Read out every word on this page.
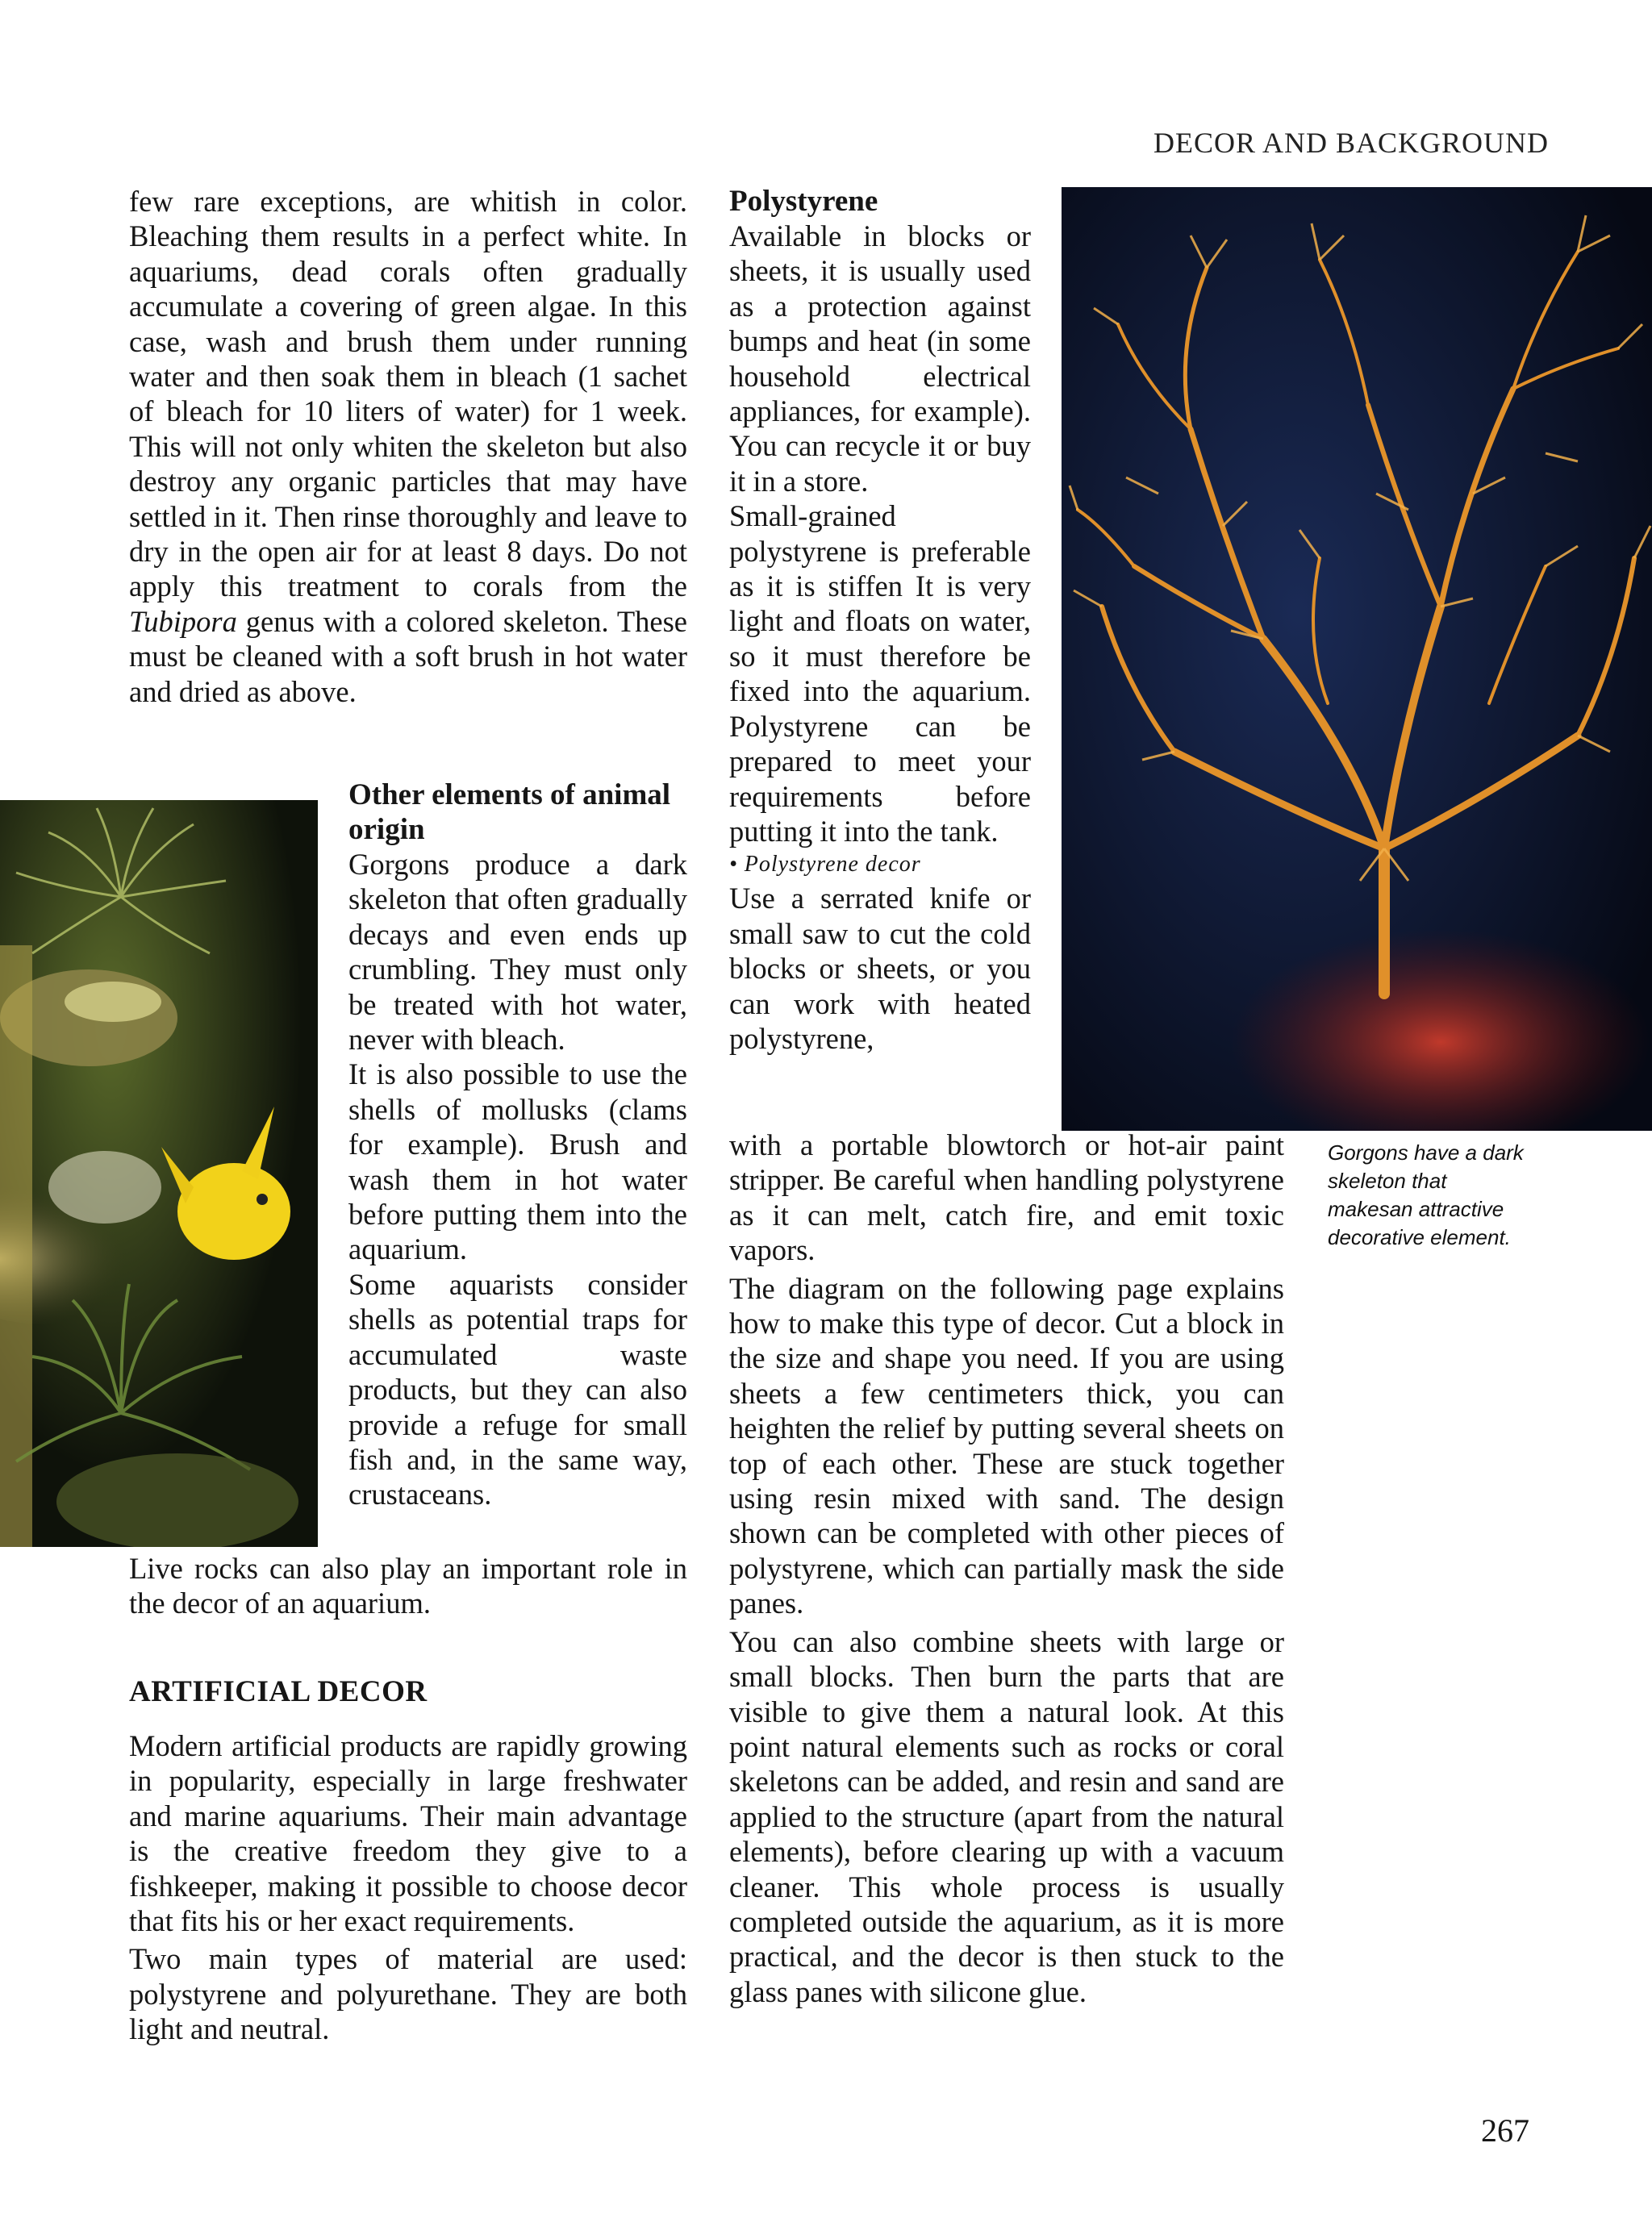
DECOR AND BACKGROUND

few rare exceptions, are whitish in color. Bleaching them results in a perfect white. In aquariums, dead corals often gradually accumulate a covering of green algae. In this case, wash and brush them under running water and then soak them in bleach (1 sachet of bleach for 10 liters of water) for 1 week. This will not only whiten the skeleton but also destroy any organic particles that may have settled in it. Then rinse thoroughly and leave to dry in the open air for at least 8 days. Do not apply this treatment to corals from the Tubipora genus with a colored skeleton. These must be cleaned with a soft brush in hot water and dried as above.

Other elements of animal origin

Gorgons produce a dark skeleton that often gradually decays and even ends up crumbling. They must only be treated with hot water, never with bleach.

It is also possible to use the shells of mollusks (clams for example). Brush and wash them in hot water before putting them into the aquarium.

Some aquarists consider shells as potential traps for accumulated waste products, but they can also provide a refuge for small fish and, in the same way, crustaceans.

Live rocks can also play an important role in the decor of an aquarium.

ARTIFICIAL DECOR

Modern artificial products are rapidly growing in popularity, especially in large freshwater and marine aquariums. Their main advantage is the creative freedom they give to a fishkeeper, making it possible to choose decor that fits his or her exact requirements.

Two main types of material are used: polystyrene and polyurethane. They are both light and neutral.

Polystyrene

Available in blocks or sheets, it is usually used as a protection against bumps and heat (in some household electrical appliances, for example). You can recycle it or buy it in a store.

Small-grained polystyrene is preferable as it is stiffen It is very light and floats on water, so it must therefore be fixed into the aquarium. Polystyrene can be prepared to meet your requirements before putting it into the tank.

• Polystyrene decor

Use a serrated knife or small saw to cut the cold blocks or sheets, or you can work with heated polystyrene,

with a portable blowtorch or hot-air paint stripper. Be careful when handling polystyrene as it can melt, catch fire, and emit toxic vapors.

The diagram on the following page explains how to make this type of decor. Cut a block in the size and shape you need. If you are using sheets a few centimeters thick, you can heighten the relief by putting several sheets on top of each other. These are stuck together using resin mixed with sand. The design shown can be completed with other pieces of polystyrene, which can partially mask the side panes.

You can also combine sheets with large or small blocks. Then burn the parts that are visible to give them a natural look. At this point natural elements such as rocks or coral skeletons can be added, and resin and sand are applied to the structure (apart from the natural elements), before clearing up with a vacuum cleaner. This whole process is usually completed outside the aquarium, as it is more practical, and the decor is then stuck to the glass panes with silicone glue.

Gorgons have a dark skeleton that makesan attractive decorative element.
267
